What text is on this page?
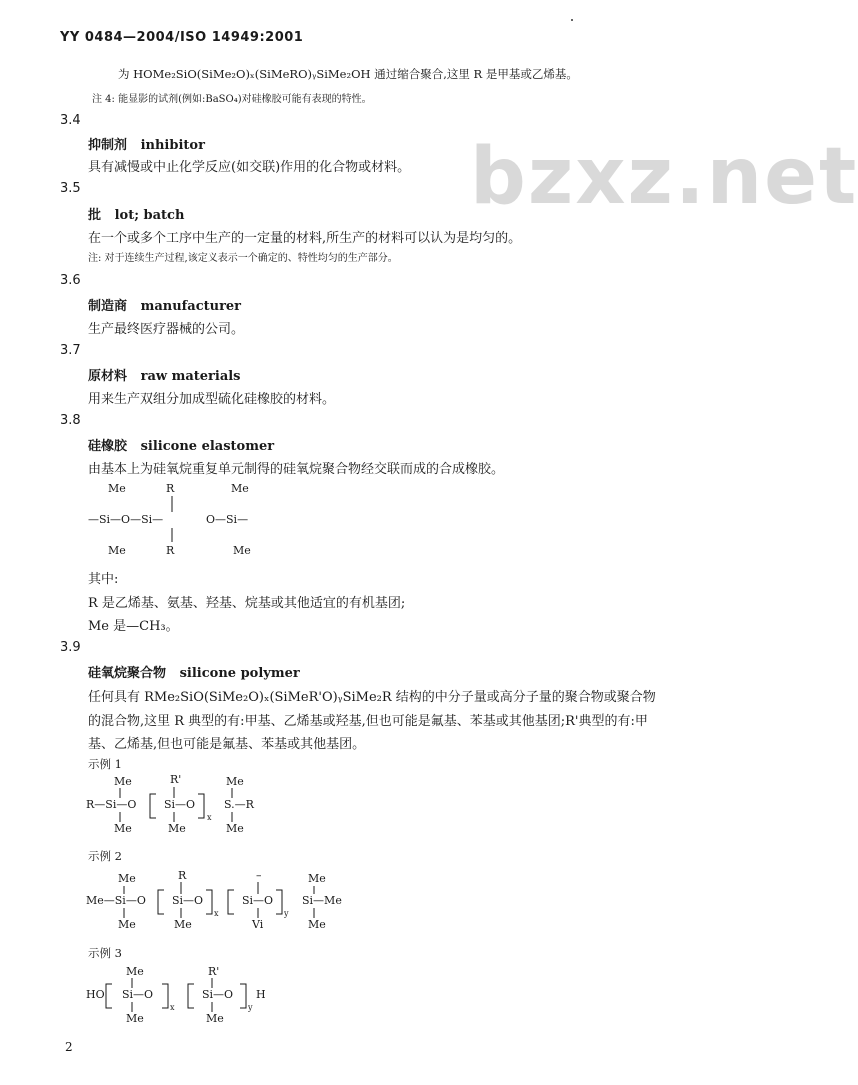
YY 0484—2004/ISO 14949:2001
bzxz.net
为 HOMe₂SiO(SiMe₂O)ₓ(SiMeRO)ᵧSiMe₂OH 通过缩合聚合,这里 R 是甲基或乙烯基。
注 4: 能显影的试剂(例如:BaSO₄)对硅橡胶可能有表现的特性。
3.4
抑制剂 inhibitor
具有减慢或中止化学反应(如交联)作用的化合物或材料。
3.5
批 lot; batch
在一个或多个工序中生产的一定量的材料,所生产的材料可以认为是均匀的。
注: 对于连续生产过程,该定义表示一个确定的、特性均匀的生产部分。
3.6
制造商 manufacturer
生产最终医疗器械的公司。
3.7
原材料 raw materials
用来生产双组分加成型硫化硅橡胶的材料。
3.8
硅橡胶 silicone elastomer
由基本上为硅氧烷重复单元制得的硅氧烷聚合物经交联而成的合成橡胶。
Me	R	Me
—Si—O—Si—	O—Si—
Me	R	Me
其中:
R 是乙烯基、氨基、羟基、烷基或其他适宜的有机基团;
Me 是—CH₃。
3.9
硅氧烷聚合物 silicone polymer
任何具有 RMe₂SiO(SiMe₂O)ₓ(SiMeR'O)ᵧSiMe₂R 结构的中分子量或高分子量的聚合物或聚合物
的混合物,这里 R 典型的有:甲基、乙烯基或羟基,但也可能是氟基、苯基或其他基团;R'典型的有:甲
基、乙烯基,但也可能是氟基、苯基或其他基团。
示例 1
Me	R'	Me
R—Si—O	Si—O
x
S.—R
Me	Me	Me
示例 2
Me	R	–	Me
Me—Si—O Si—O
x
Si—O
y
Si—Me
Me	Me	Vi	Me
示例 3
Me	R'
HO Si—O
x
Si—O
y
H
Me	Me
2
